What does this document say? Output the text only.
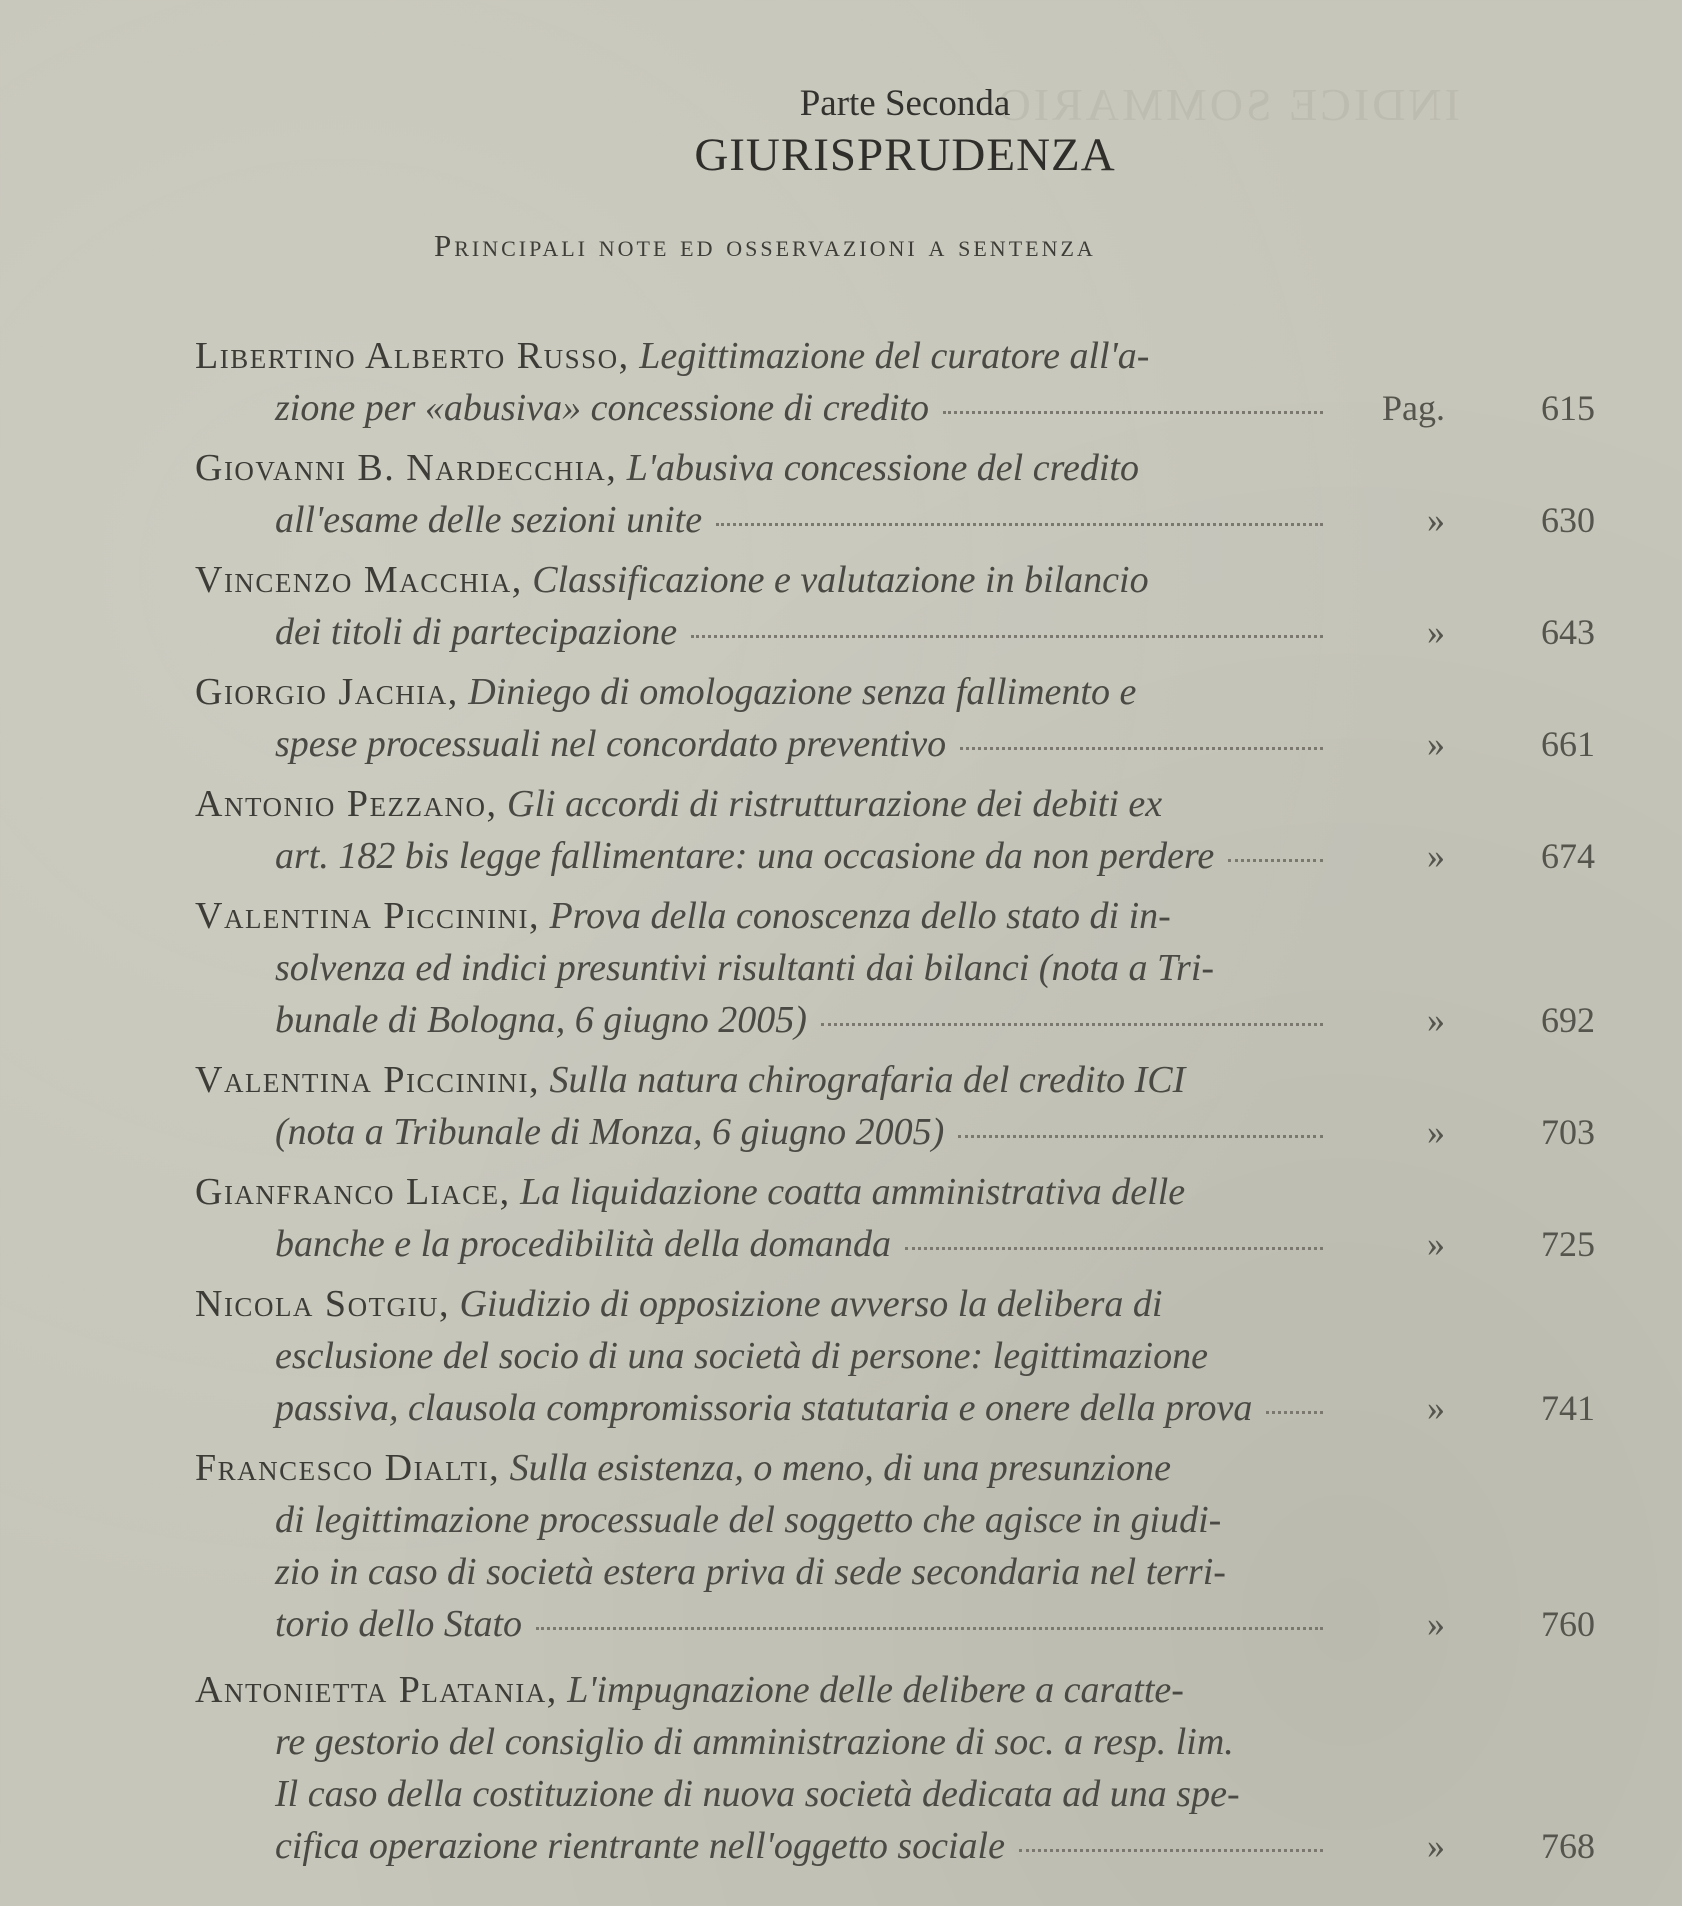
INDICE SOMMARIO
Parte Seconda
GIURISPRUDENZA
Principali note ed osservazioni a sentenza
Libertino Alberto Russo, Legittimazione del curatore all'a-
zione per «abusiva» concessione di credito	Pag.	615
Giovanni B. Nardecchia, L'abusiva concessione del credito
all'esame delle sezioni unite	»	630
Vincenzo Macchia, Classificazione e valutazione in bilancio
dei titoli di partecipazione	»	643
Giorgio Jachia, Diniego di omologazione senza fallimento e
spese processuali nel concordato preventivo	»	661
Antonio Pezzano, Gli accordi di ristrutturazione dei debiti ex
art. 182 bis legge fallimentare: una occasione da non perdere	»	674
Valentina Piccinini, Prova della conoscenza dello stato di in-
solvenza ed indici presuntivi risultanti dai bilanci (nota a Tri-
bunale di Bologna, 6 giugno 2005)	»	692
Valentina Piccinini, Sulla natura chirografaria del credito ICI
(nota a Tribunale di Monza, 6 giugno 2005)	»	703
Gianfranco Liace, La liquidazione coatta amministrativa delle
banche e la procedibilità della domanda	»	725
Nicola Sotgiu, Giudizio di opposizione avverso la delibera di
esclusione del socio di una società di persone: legittimazione
passiva, clausola compromissoria statutaria e onere della prova	»	741
Francesco Dialti, Sulla esistenza, o meno, di una presunzione
di legittimazione processuale del soggetto che agisce in giudi-
zio in caso di società estera priva di sede secondaria nel terri-
torio dello Stato	»	760
Antonietta Platania, L'impugnazione delle delibere a caratte-
re gestorio del consiglio di amministrazione di soc. a resp. lim.
Il caso della costituzione di nuova società dedicata ad una spe-
cifica operazione rientrante nell'oggetto sociale	»	768
